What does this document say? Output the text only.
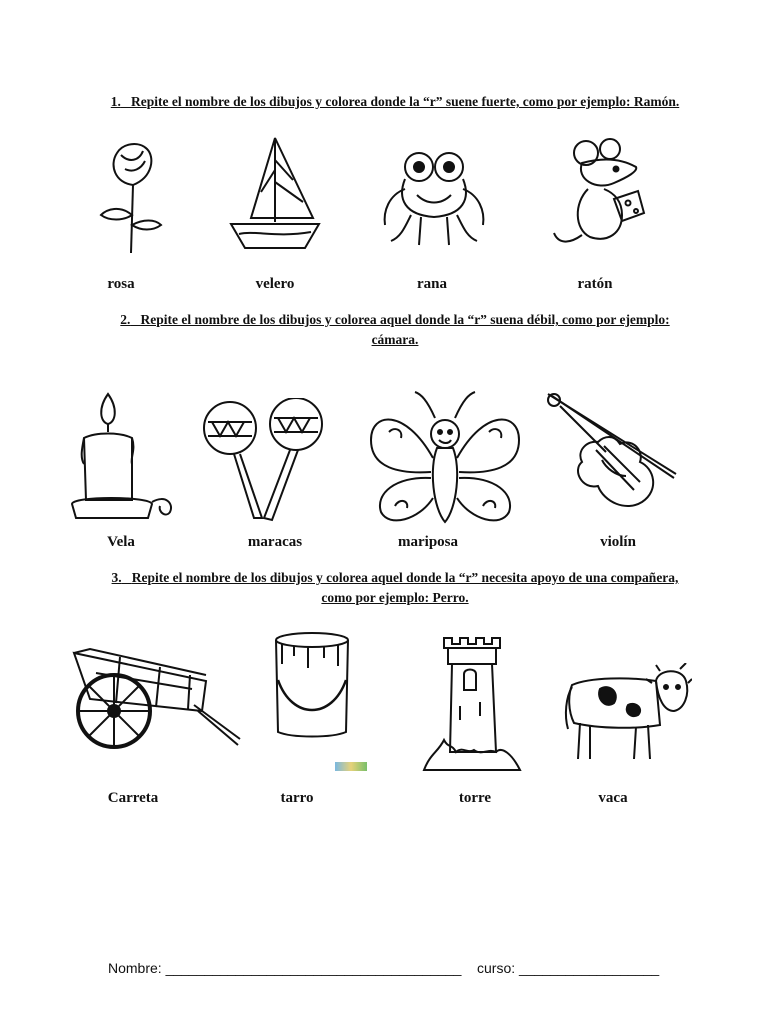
1. Repite el nombre de los dibujos y colorea donde la “r” suene fuerte, como por ejemplo: Ramón.
rosa	velero	rana	ratón
2. Repite el nombre de los dibujos y colorea aquel donde la “r” suena débil, como por ejemplo: cámara.
Vela	maracas	mariposa	violín
3. Repite el nombre de los dibujos y colorea aquel donde la “r” necesita apoyo de una compañera, como por ejemplo: Perro.
Carreta	tarro	torre	vaca
Nombre: ______________________________________ curso: __________________
